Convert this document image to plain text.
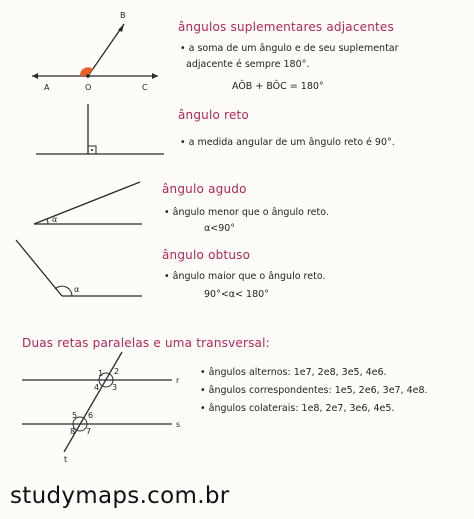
A	O
B
C
α
α
r
s
t
1 2
3
4
5 6
7
8
ângulos suplementares adjacentes
• a soma de um ângulo e de seu suplementar
adjacente é sempre 180°.
AÔB + BÔC = 180°
ângulo reto
• a medida angular de um ângulo reto é 90°.
ângulo agudo
• ângulo menor que o ângulo reto.
α<90°
ângulo obtuso
• ângulo maior que o ângulo reto.
90°<α< 180°
Duas retas paralelas e uma transversal:
• ângulos alternos: 1e7, 2e8, 3e5, 4e6.
• ângulos correspondentes: 1e5, 2e6, 3e7, 4e8.
• ângulos colaterais: 1e8, 2e7, 3e6, 4e5.
studymaps.com.br
